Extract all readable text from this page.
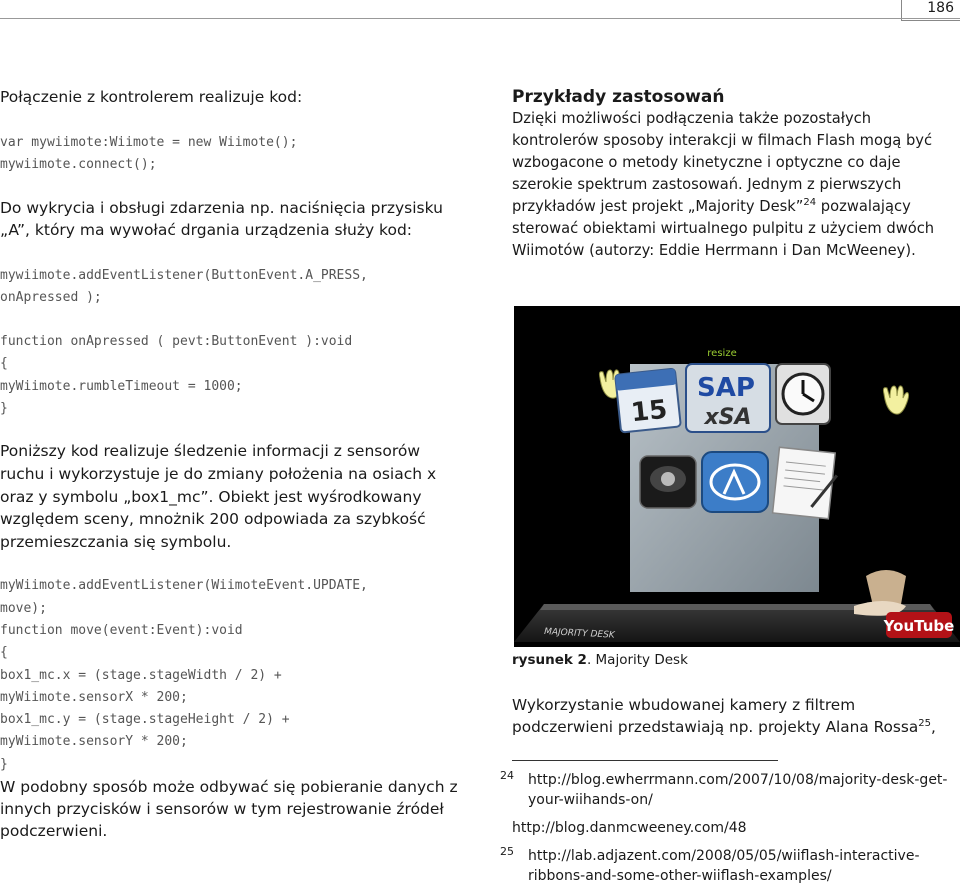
186

Połączenie z kontrolerem realizuje kod:

var mywiimote:Wiimote = new Wiimote();

mywiimote.connect();

Do wykrycia i obsługi zdarzenia np. naciśnięcia przysisku „A”, który ma wywołać drgania urządzenia służy kod:

mywiimote.addEventListener(ButtonEvent.A_PRESS,

onApressed );

function onApressed ( pevt:ButtonEvent ):void

{

myWiimote.rumbleTimeout = 1000;

}

Poniższy kod realizuje śledzenie informacji z sensorów ruchu i wykorzystuje je do zmiany położenia na osiach x oraz y symbolu „box1_mc”. Obiekt jest wyśrodkowany względem sceny, mnożnik 200 odpowiada za szybkość przemieszczania się symbolu.

myWiimote.addEventListener(WiimoteEvent.UPDATE,

move);

function move(event:Event):void

{

box1_mc.x = (stage.stageWidth / 2) +

myWiimote.sensorX * 200;

box1_mc.y = (stage.stageHeight / 2) +

myWiimote.sensorY * 200;

}

W podobny sposób może odbywać się pobieranie danych z innych przycisków i sensorów w tym rejestrowanie źródeł podczerwieni.

Przykłady zastosowań

Dzięki możliwości podłączenia także pozostałych kontrolerów sposoby interakcji w filmach Flash mogą być wzbogacone o metody kinetyczne i optyczne co daje szerokie spektrum zastosowań. Jednym z pierwszych przykładów jest projekt „Majority Desk”$^{24}$ pozwalający sterować obiektami wirtualnego pulpitu z użyciem dwóch Wiimotów (autorzy: Eddie Herrmann i Dan McWeeney).

resize
MAJORITY DESK
15
SAP
xSA
YouTube
rysunek 2. Majority Desk

Wykorzystanie wbudowanej kamery z filtrem podczerwieni przedstawiają np. projekty Alana Rossa$^{25}$,

24	http://blog.ewherrmann.com/2007/10/08/majority-desk-get-your-wiihands-on/

http://blog.danmcweeney.com/48

25	http://lab.adjazent.com/2008/05/05/wiiflash-interactive-ribbons-and-some-other-wiiflash-examples/
